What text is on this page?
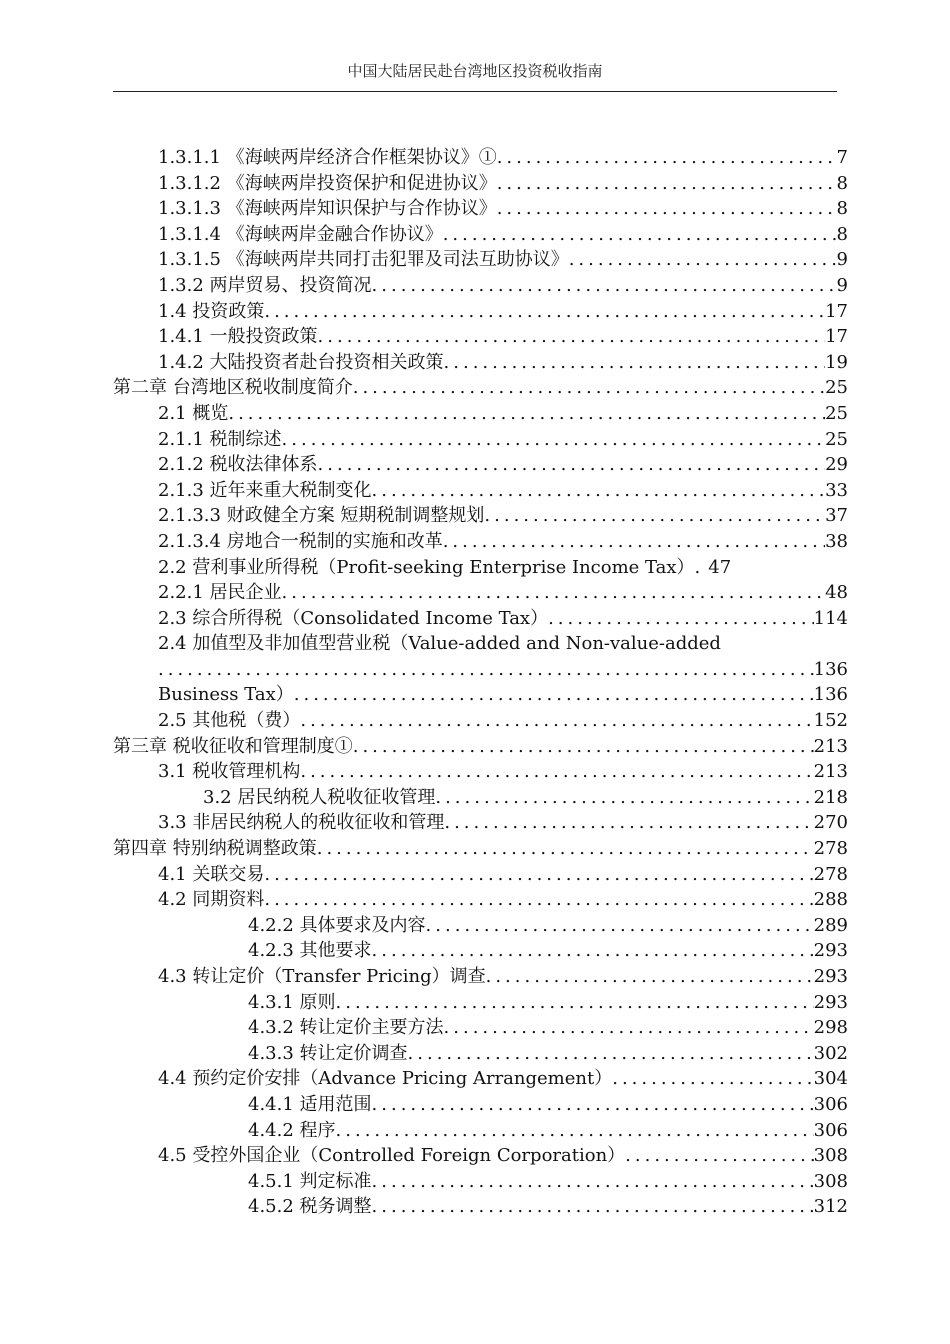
中国大陆居民赴台湾地区投资税收指南
1.3.1.1 《海峡两岸经济合作框架协议》① .....	7
1.3.1.2 《海峡两岸投资保护和促进协议》 .....	8
1.3.1.3 《海峡两岸知识保护与合作协议》 .....	8
1.3.1.4 《海峡两岸金融合作协议》 .....	8
1.3.1.5 《海峡两岸共同打击犯罪及司法互助协议》 .....	9
1.3.2 两岸贸易、投资简况 .....	9
1.4 投资政策 .....	17
1.4.1 一般投资政策 .....	17
1.4.2 大陆投资者赴台投资相关政策 .....	19
第二章 台湾地区税收制度简介 .....	25
2.1 概览 .....	25
2.1.1 税制综述 .....	25
2.1.2 税收法律体系 .....	29
2.1.3 近年来重大税制变化 .....	33
2.1.3.3 财政健全方案 短期税制调整规划 .....	37
2.1.3.4 房地合一税制的实施和改革 .....	38
2.2 营利事业所得税（Profit-seeking Enterprise Income Tax）. 47
2.2.1 居民企业 .....	48
2.3 综合所得税（Consolidated Income Tax） .....	114
2.4 加值型及非加值型营业税（Value-added and Non-value-added
.....
136
Business Tax） .....	136
2.5 其他税（费） .....	152
第三章 税收征收和管理制度① .....	213
3.1 税收管理机构 .....	213
3.2 居民纳税人税收征收管理 .....	218
3.3 非居民纳税人的税收征收和管理 .....	270
第四章 特别纳税调整政策 .....	278
4.1 关联交易 .....	278
4.2 同期资料 .....	288
4.2.2 具体要求及内容 .....	289
4.2.3 其他要求 .....	293
4.3 转让定价（Transfer Pricing）调查 .....	293
4.3.1 原则 .....	293
4.3.2 转让定价主要方法 .....	298
4.3.3 转让定价调查 .....	302
4.4 预约定价安排（Advance Pricing Arrangement） .....	304
4.4.1 适用范围 .....	306
4.4.2 程序 .....	306
4.5 受控外国企业（Controlled Foreign Corporation） .....	308
4.5.1 判定标准 .....	308
4.5.2 税务调整 .....	312
